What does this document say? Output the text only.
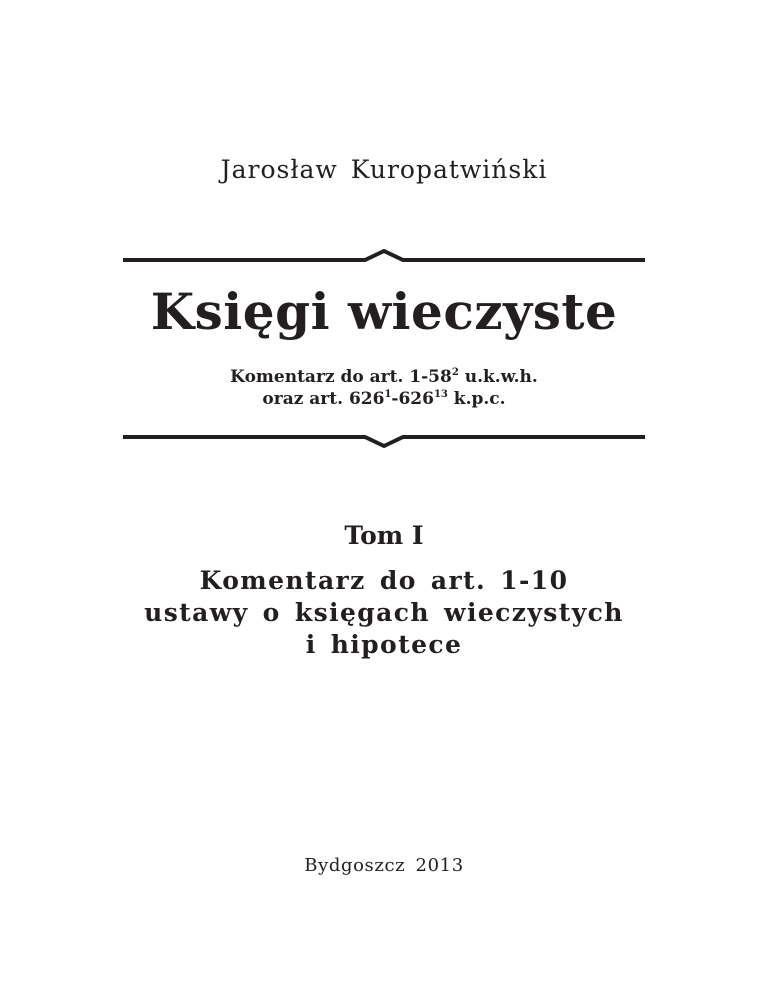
Jarosław Kuropatwiński
Księgi wieczyste
Komentarz do art. $1-58^2$ u.k.w.h.
oraz art. $626^1-626^{13}$ k.p.c.
Tom I
Komentarz do art. 1-10
ustawy o księgach wieczystych
i hipotece
Bydgoszcz 2013
